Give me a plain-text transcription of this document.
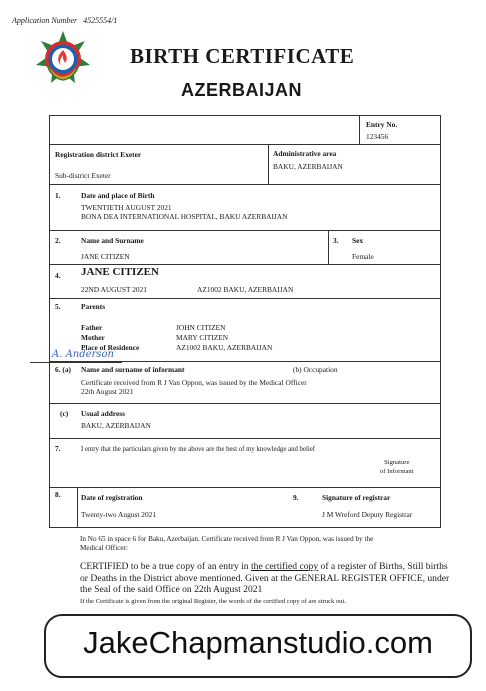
Application Number 4525554/1
BIRTH CERTIFICATE
AZERBAIJAN
Entry No.
123456
Registration district Exeter
Sub-district Exeter
Administrative area
BAKU, AZERBAIJAN
1.	Date and place of Birth
TWENTIETH AUGUST 2021
BONA DEA INTERNATIONAL HOSPITAL, BAKU AZERBAIJAN
2.	Name and Surname
JANE CITIZEN
3. Sex
Female
4. JANE CITIZEN
22ND AUGUST 2021	AZ1002 BAKU, AZERBAIJAN
5.	Parents
Father	JOHN CITIZEN
Mother	MARY CITIZEN
Place of Residence	AZ1002 BAKU, AZERBAIJAN
6. (a) Name and surname of informant	(b) Occupation
Certificate received from R J Van Oppon, was issued by the Medical Officer
22th August 2021
(c) Usual address
BAKU, AZERBAIJAN
7.	I entry that the particulars given by me above are the best of my knowledge and belief
Signature
of Informant
8.	Date of registration
Twenty-two August 2021
9.	Signature of registrar
J M Wreford Deputy Registrar
A. Anderson
In No 65 in space 6 for Baku, Azerbaijan. Certificate received from R J Van Oppon, was issued by the
Medical Officer:
CERTIFIED to be a true copy of an entry in the certified copy of a register of Births, Still births or Deaths in the District above mentioned. Given at the GENERAL REGISTER OFFICE, under the Seal of the said Office on 22th August 2021
If the Certificate is given from the original Register, the words of the certified copy of are struck out.
JakeChapmanstudio.com
